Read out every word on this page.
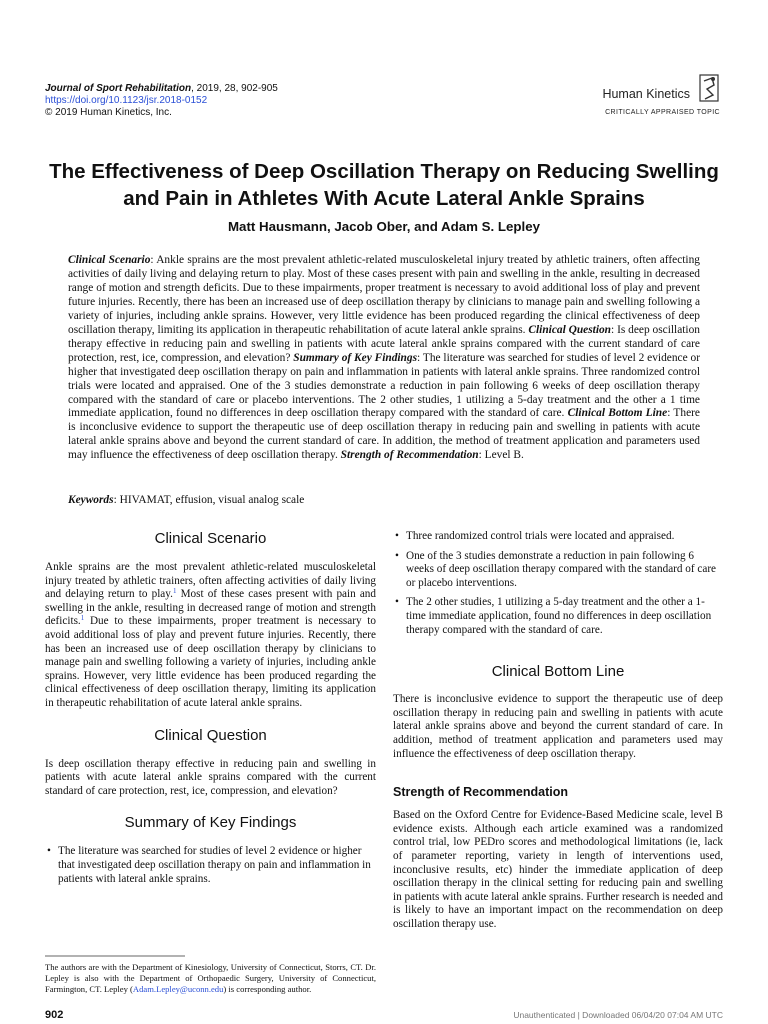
Journal of Sport Rehabilitation, 2019, 28, 902-905
https://doi.org/10.1123/jsr.2018-0152
© 2019 Human Kinetics, Inc.
Human Kinetics
CRITICALLY APPRAISED TOPIC
The Effectiveness of Deep Oscillation Therapy on Reducing Swelling and Pain in Athletes With Acute Lateral Ankle Sprains
Matt Hausmann, Jacob Ober, and Adam S. Lepley

Clinical Scenario: Ankle sprains are the most prevalent athletic-related musculoskeletal injury treated by athletic trainers, often affecting activities of daily living and delaying return to play. Most of these cases present with pain and swelling in the ankle, resulting in decreased range of motion and strength deficits. Due to these impairments, proper treatment is necessary to avoid additional loss of play and prevent future injuries. Recently, there has been an increased use of deep oscillation therapy by clinicians to manage pain and swelling following a variety of injuries, including ankle sprains. However, very little evidence has been produced regarding the clinical effectiveness of deep oscillation therapy, limiting its application in therapeutic rehabilitation of acute lateral ankle sprains. Clinical Question: Is deep oscillation therapy effective in reducing pain and swelling in patients with acute lateral ankle sprains compared with the current standard of care protection, rest, ice, compression, and elevation? Summary of Key Findings: The literature was searched for studies of level 2 evidence or higher that investigated deep oscillation therapy on pain and inflammation in patients with lateral ankle sprains. Three randomized control trials were located and appraised. One of the 3 studies demonstrate a reduction in pain following 6 weeks of deep oscillation therapy compared with the standard of care or placebo interventions. The 2 other studies, 1 utilizing a 5-day treatment and the other a 1 time immediate application, found no differences in deep oscillation therapy compared with the standard of care. Clinical Bottom Line: There is inconclusive evidence to support the therapeutic use of deep oscillation therapy in reducing pain and swelling in patients with acute lateral ankle sprains above and beyond the current standard of care. In addition, the method of treatment application and parameters used may influence the effectiveness of deep oscillation therapy. Strength of Recommendation: Level B.

Keywords: HIVAMAT, effusion, visual analog scale
Clinical Scenario

Ankle sprains are the most prevalent athletic-related musculoskeletal injury treated by athletic trainers, often affecting activities of daily living and delaying return to play.$^1$ Most of these cases present with pain and swelling in the ankle, resulting in decreased range of motion and strength deficits.$^1$ Due to these impairments, proper treatment is necessary to avoid additional loss of play and prevent future injuries. Recently, there has been an increased use of deep oscillation therapy by clinicians to manage pain and swelling following a variety of injuries, including ankle sprains. However, very little evidence has been produced regarding the clinical effectiveness of deep oscillation therapy, limiting its application in therapeutic rehabilitation of acute lateral ankle sprains.

Clinical Question

Is deep oscillation therapy effective in reducing pain and swelling in patients with acute lateral ankle sprains compared with the current standard of care protection, rest, ice, compression, and elevation?

Summary of Key Findings
• The literature was searched for studies of level 2 evidence or higher that investigated deep oscillation therapy on pain and inflammation in patients with lateral ankle sprains.
• Three randomized control trials were located and appraised.
• One of the 3 studies demonstrate a reduction in pain following 6 weeks of deep oscillation therapy compared with the standard of care or placebo interventions.
• The 2 other studies, 1 utilizing a 5-day treatment and the other a 1-time immediate application, found no differences in deep oscillation therapy compared with the standard of care.
Clinical Bottom Line

There is inconclusive evidence to support the therapeutic use of deep oscillation therapy in reducing pain and swelling in patients with acute lateral ankle sprains above and beyond the current standard of care. In addition, method of treatment application and parameters used may influence the effectiveness of deep oscillation therapy.

Strength of Recommendation

Based on the Oxford Centre for Evidence-Based Medicine scale, level B evidence exists. Although each article examined was a randomized control trial, low PEDro scores and methodological limitations (ie, lack of parameter reporting, variety in length of interventions used, inconclusive results, etc) hinder the immediate application of deep oscillation therapy in the clinical setting for reducing pain and swelling in patients with acute lateral ankle sprains. Further research is needed and is likely to have an important impact on the recommendation on deep oscillation therapy use.

The authors are with the Department of Kinesiology, University of Connecticut, Storrs, CT. Dr. Lepley is also with the Department of Orthopaedic Surgery, University of Connecticut, Farmington, CT. Lepley (Adam.Lepley@uconn.edu) is corresponding author.

902	Unauthenticated | Downloaded 06/04/20 07:04 AM UTC
